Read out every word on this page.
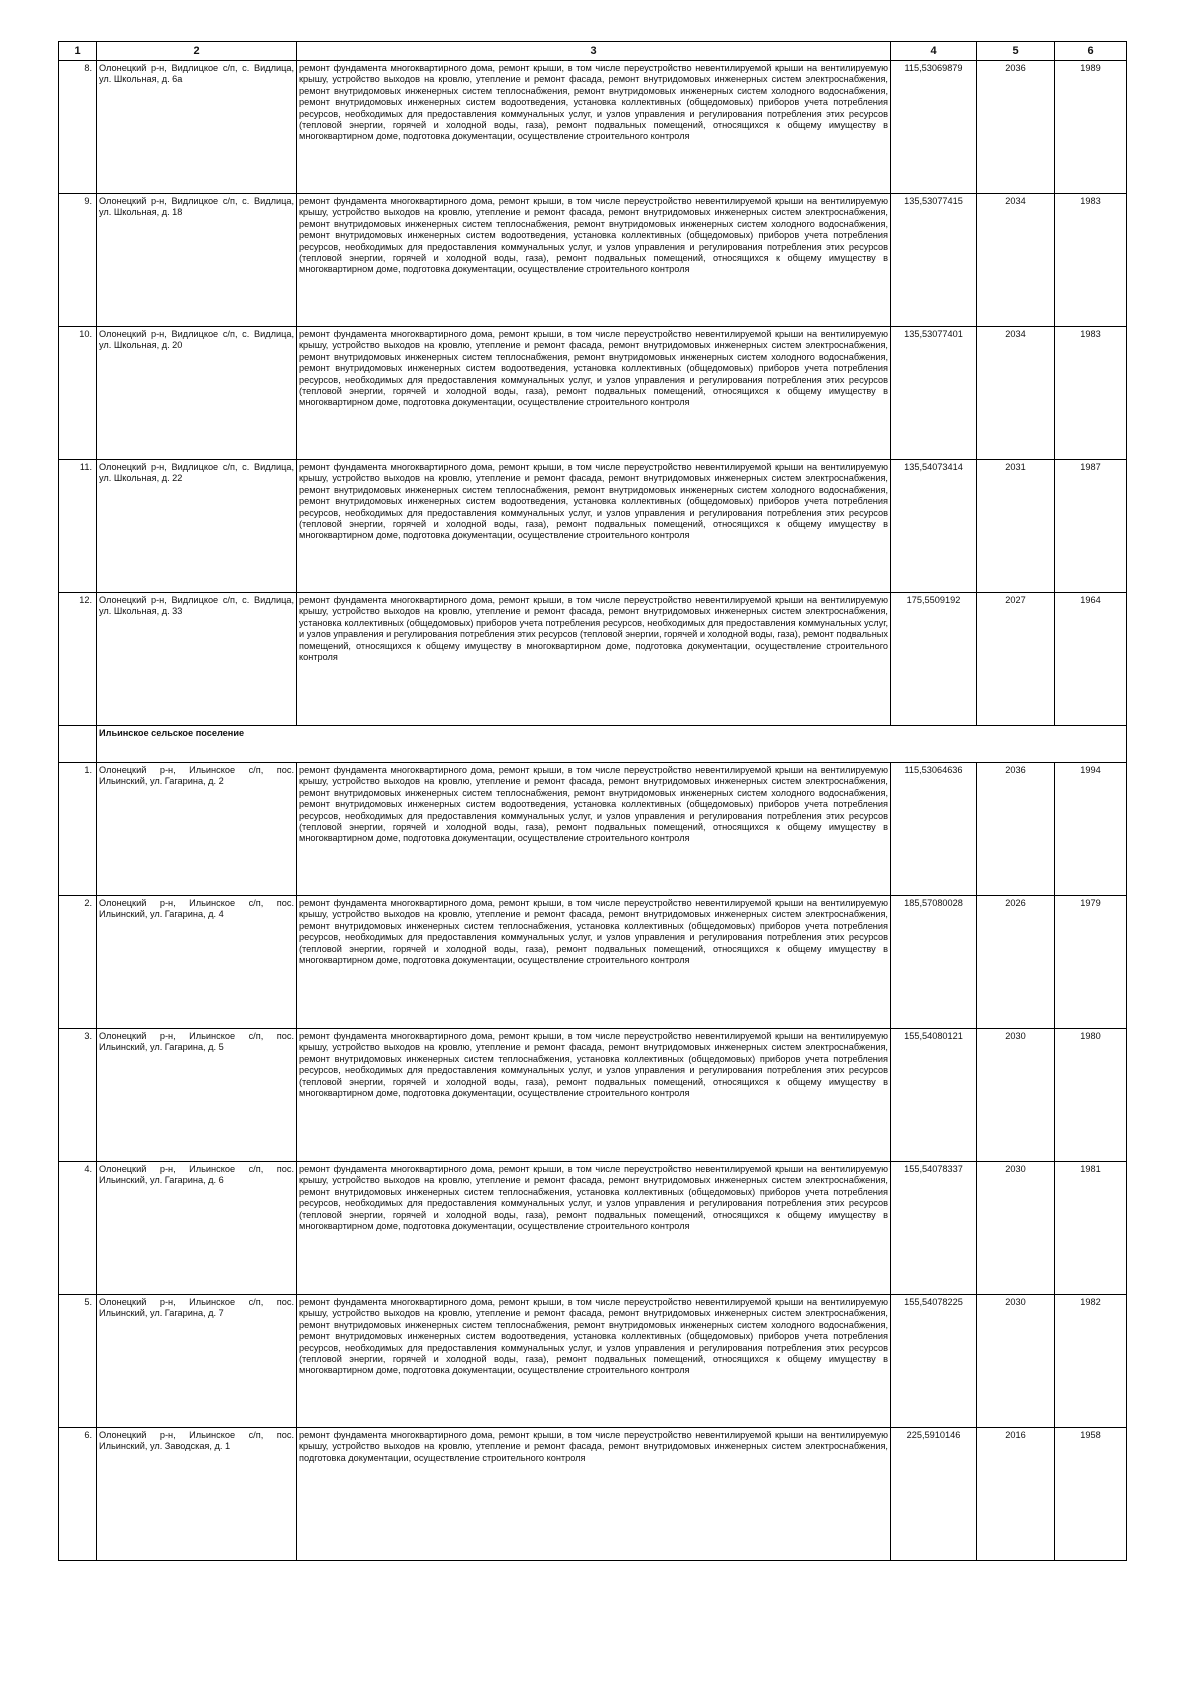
1	2	3	4	5	6
8.	Олонецкий р-н, Видлицкое с/п, с. Видлица, ул. Школьная, д. 6а	ремонт фундамента многоквартирного дома, ремонт крыши, в том числе переустройство невентилируемой крыши на вентилируемую крышу, устройство выходов на кровлю, утепление и ремонт фасада, ремонт внутридомовых инженерных систем электроснабжения, ремонт внутридомовых инженерных систем теплоснабжения, ремонт внутридомовых инженерных систем холодного водоснабжения, ремонт внутридомовых инженерных систем водоотведения, установка коллективных (общедомовых) приборов учета потребления ресурсов, необходимых для предоставления коммунальных услуг, и узлов управления и регулирования потребления этих ресурсов (тепловой энергии, горячей и холодной воды, газа), ремонт подвальных помещений, относящихся к общему имуществу в многоквартирном доме, подготовка документации, осуществление строительного контроля	115,53069879	2036	1989
9.	Олонецкий р-н, Видлицкое с/п, с. Видлица, ул. Школьная, д. 18	ремонт фундамента многоквартирного дома, ремонт крыши, в том числе переустройство невентилируемой крыши на вентилируемую крышу, устройство выходов на кровлю, утепление и ремонт фасада, ремонт внутридомовых инженерных систем электроснабжения, ремонт внутридомовых инженерных систем теплоснабжения, ремонт внутридомовых инженерных систем холодного водоснабжения, ремонт внутридомовых инженерных систем водоотведения, установка коллективных (общедомовых) приборов учета потребления ресурсов, необходимых для предоставления коммунальных услуг, и узлов управления и регулирования потребления этих ресурсов (тепловой энергии, горячей и холодной воды, газа), ремонт подвальных помещений, относящихся к общему имуществу в многоквартирном доме, подготовка документации, осуществление строительного контроля	135,53077415	2034	1983
10.	Олонецкий р-н, Видлицкое с/п, с. Видлица, ул. Школьная, д. 20	ремонт фундамента многоквартирного дома, ремонт крыши, в том числе переустройство невентилируемой крыши на вентилируемую крышу, устройство выходов на кровлю, утепление и ремонт фасада, ремонт внутридомовых инженерных систем электроснабжения, ремонт внутридомовых инженерных систем теплоснабжения, ремонт внутридомовых инженерных систем холодного водоснабжения, ремонт внутридомовых инженерных систем водоотведения, установка коллективных (общедомовых) приборов учета потребления ресурсов, необходимых для предоставления коммунальных услуг, и узлов управления и регулирования потребления этих ресурсов (тепловой энергии, горячей и холодной воды, газа), ремонт подвальных помещений, относящихся к общему имуществу в многоквартирном доме, подготовка документации, осуществление строительного контроля	135,53077401	2034	1983
11.	Олонецкий р-н, Видлицкое с/п, с. Видлица, ул. Школьная, д. 22	ремонт фундамента многоквартирного дома, ремонт крыши, в том числе переустройство невентилируемой крыши на вентилируемую крышу, устройство выходов на кровлю, утепление и ремонт фасада, ремонт внутридомовых инженерных систем электроснабжения, ремонт внутридомовых инженерных систем теплоснабжения, ремонт внутридомовых инженерных систем холодного водоснабжения, ремонт внутридомовых инженерных систем водоотведения, установка коллективных (общедомовых) приборов учета потребления ресурсов, необходимых для предоставления коммунальных услуг, и узлов управления и регулирования потребления этих ресурсов (тепловой энергии, горячей и холодной воды, газа), ремонт подвальных помещений, относящихся к общему имуществу в многоквартирном доме, подготовка документации, осуществление строительного контроля	135,54073414	2031	1987
12.	Олонецкий р-н, Видлицкое с/п, с. Видлица, ул. Школьная, д. 33	ремонт фундамента многоквартирного дома, ремонт крыши, в том числе переустройство невентилируемой крыши на вентилируемую крышу, устройство выходов на кровлю, утепление и ремонт фасада, ремонт внутридомовых инженерных систем электроснабжения, установка коллективных (общедомовых) приборов учета потребления ресурсов, необходимых для предоставления коммунальных услуг, и узлов управления и регулирования потребления этих ресурсов (тепловой энергии, горячей и холодной воды, газа), ремонт подвальных помещений, относящихся к общему имуществу в многоквартирном доме, подготовка документации, осуществление строительного контроля	175,5509192	2027	1964
	Ильинское сельское поселение				
1.	Олонецкий р-н, Ильинское с/п, пос. Ильинский, ул. Гагарина, д. 2	ремонт фундамента многоквартирного дома, ремонт крыши, в том числе переустройство невентилируемой крыши на вентилируемую крышу, устройство выходов на кровлю, утепление и ремонт фасада, ремонт внутридомовых инженерных систем электроснабжения, ремонт внутридомовых инженерных систем теплоснабжения, ремонт внутридомовых инженерных систем холодного водоснабжения, ремонт внутридомовых инженерных систем водоотведения, установка коллективных (общедомовых) приборов учета потребления ресурсов, необходимых для предоставления коммунальных услуг, и узлов управления и регулирования потребления этих ресурсов (тепловой энергии, горячей и холодной воды, газа), ремонт подвальных помещений, относящихся к общему имуществу в многоквартирном доме, подготовка документации, осуществление строительного контроля	115,53064636	2036	1994
2.	Олонецкий р-н, Ильинское с/п, пос. Ильинский, ул. Гагарина, д. 4	ремонт фундамента многоквартирного дома, ремонт крыши, в том числе переустройство невентилируемой крыши на вентилируемую крышу, устройство выходов на кровлю, утепление и ремонт фасада, ремонт внутридомовых инженерных систем электроснабжения, ремонт внутридомовых инженерных систем теплоснабжения, установка коллективных (общедомовых) приборов учета потребления ресурсов, необходимых для предоставления коммунальных услуг, и узлов управления и регулирования потребления этих ресурсов (тепловой энергии, горячей и холодной воды, газа), ремонт подвальных помещений, относящихся к общему имуществу в многоквартирном доме, подготовка документации, осуществление строительного контроля	185,57080028	2026	1979
3.	Олонецкий р-н, Ильинское с/п, пос. Ильинский, ул. Гагарина, д. 5	ремонт фундамента многоквартирного дома, ремонт крыши, в том числе переустройство невентилируемой крыши на вентилируемую крышу, устройство выходов на кровлю, утепление и ремонт фасада, ремонт внутридомовых инженерных систем электроснабжения, ремонт внутридомовых инженерных систем теплоснабжения, установка коллективных (общедомовых) приборов учета потребления ресурсов, необходимых для предоставления коммунальных услуг, и узлов управления и регулирования потребления этих ресурсов (тепловой энергии, горячей и холодной воды, газа), ремонт подвальных помещений, относящихся к общему имуществу в многоквартирном доме, подготовка документации, осуществление строительного контроля	155,54080121	2030	1980
4.	Олонецкий р-н, Ильинское с/п, пос. Ильинский, ул. Гагарина, д. 6	ремонт фундамента многоквартирного дома, ремонт крыши, в том числе переустройство невентилируемой крыши на вентилируемую крышу, устройство выходов на кровлю, утепление и ремонт фасада, ремонт внутридомовых инженерных систем электроснабжения, ремонт внутридомовых инженерных систем теплоснабжения, установка коллективных (общедомовых) приборов учета потребления ресурсов, необходимых для предоставления коммунальных услуг, и узлов управления и регулирования потребления этих ресурсов (тепловой энергии, горячей и холодной воды, газа), ремонт подвальных помещений, относящихся к общему имуществу в многоквартирном доме, подготовка документации, осуществление строительного контроля	155,54078337	2030	1981
5.	Олонецкий р-н, Ильинское с/п, пос. Ильинский, ул. Гагарина, д. 7	ремонт фундамента многоквартирного дома, ремонт крыши, в том числе переустройство невентилируемой крыши на вентилируемую крышу, устройство выходов на кровлю, утепление и ремонт фасада, ремонт внутридомовых инженерных систем электроснабжения, ремонт внутридомовых инженерных систем теплоснабжения, ремонт внутридомовых инженерных систем холодного водоснабжения, ремонт внутридомовых инженерных систем водоотведения, установка коллективных (общедомовых) приборов учета потребления ресурсов, необходимых для предоставления коммунальных услуг, и узлов управления и регулирования потребления этих ресурсов (тепловой энергии, горячей и холодной воды, газа), ремонт подвальных помещений, относящихся к общему имуществу в многоквартирном доме, подготовка документации, осуществление строительного контроля	155,54078225	2030	1982
6.	Олонецкий р-н, Ильинское с/п, пос. Ильинский, ул. Заводская, д. 1	ремонт фундамента многоквартирного дома, ремонт крыши, в том числе переустройство невентилируемой крыши на вентилируемую крышу, устройство выходов на кровлю, утепление и ремонт фасада, ремонт внутридомовых инженерных систем электроснабжения, подготовка документации, осуществление строительного контроля	225,5910146	2016	1958
